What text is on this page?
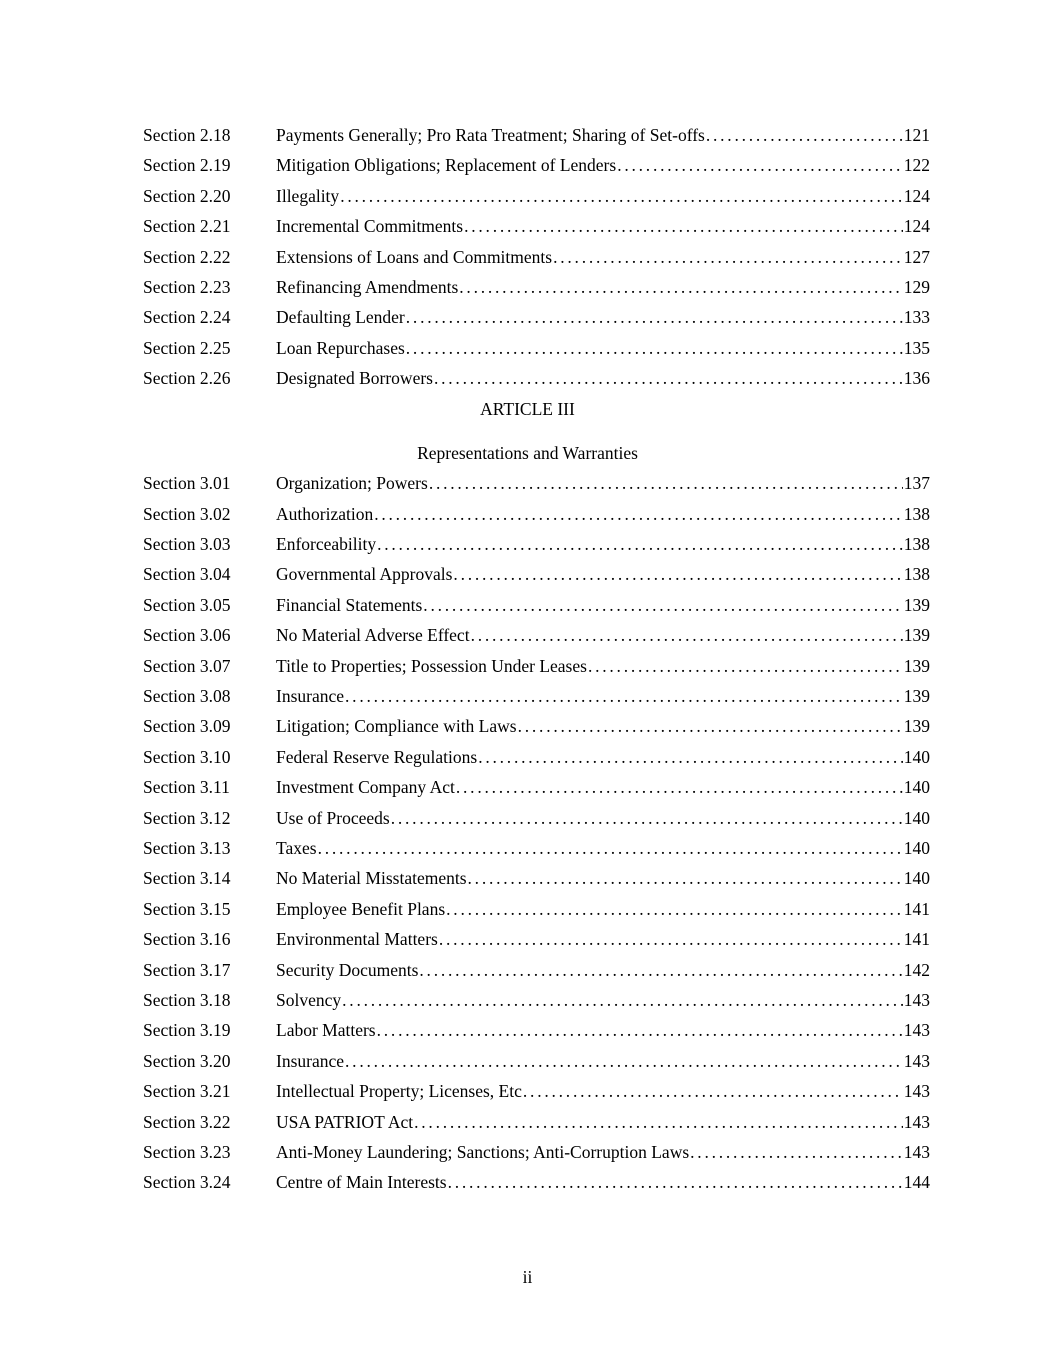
Section 2.18	Payments Generally; Pro Rata Treatment; Sharing of Set-offs . . .	121
Section 2.19	Mitigation Obligations; Replacement of Lenders . . .	122
Section 2.20	Illegality . . .	124
Section 2.21	Incremental Commitments . . .	124
Section 2.22	Extensions of Loans and Commitments . . .	127
Section 2.23	Refinancing Amendments . . .	129
Section 2.24	Defaulting Lender . . .	133
Section 2.25	Loan Repurchases . . .	135
Section 2.26	Designated Borrowers . . .	136
ARTICLE III
Representations and Warranties
Section 3.01	Organization; Powers . . .	137
Section 3.02	Authorization . . .	138
Section 3.03	Enforceability . . .	138
Section 3.04	Governmental Approvals . . .	138
Section 3.05	Financial Statements . . .	139
Section 3.06	No Material Adverse Effect . . .	139
Section 3.07	Title to Properties; Possession Under Leases . . .	139
Section 3.08	Insurance . . .	139
Section 3.09	Litigation; Compliance with Laws . . .	139
Section 3.10	Federal Reserve Regulations . . .	140
Section 3.11	Investment Company Act . . .	140
Section 3.12	Use of Proceeds . . .	140
Section 3.13	Taxes . . .	140
Section 3.14	No Material Misstatements . . .	140
Section 3.15	Employee Benefit Plans . . .	141
Section 3.16	Environmental Matters . . .	141
Section 3.17	Security Documents . . .	142
Section 3.18	Solvency . . .	143
Section 3.19	Labor Matters . . .	143
Section 3.20	Insurance . . .	143
Section 3.21	Intellectual Property; Licenses, Etc . . .	143
Section 3.22	USA PATRIOT Act . . .	143
Section 3.23	Anti-Money Laundering; Sanctions; Anti-Corruption Laws . . .	143
Section 3.24	Centre of Main Interests . . .	144
ii
